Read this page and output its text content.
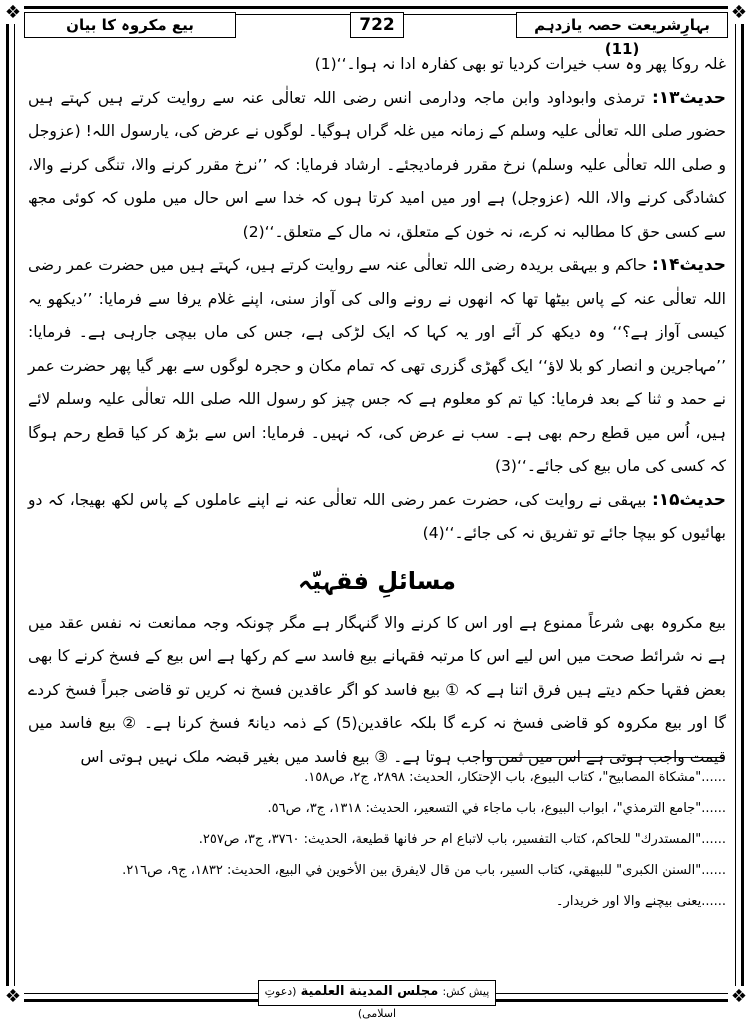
❖	❖
❖	❖
بہارِشریعت حصہ یازدہم (11)
722
بیع مکروہ کا بیان

غلہ روکا پھر وہ سب خیرات کردیا تو بھی کفارہ ادا نہ ہوا۔‘‘(1)

حدیث۱۳: ترمذی وابوداود وابن ماجہ ودارمی انس رضی اللہ تعالٰی عنہ سے روایت کرتے ہیں کہتے ہیں حضور صلی اللہ تعالٰی علیہ وسلم کے زمانہ میں غلہ گراں ہوگیا۔ لوگوں نے عرض کی، یارسول اللہ! (عزوجل و صلی اللہ تعالٰی علیہ وسلم) نرخ مقرر فرمادیجئے۔ ارشاد فرمایا: کہ ’’نرخ مقرر کرنے والا، تنگی کرنے والا، کشادگی کرنے والا، اللہ (عزوجل) ہے اور میں امید کرتا ہوں کہ خدا سے اس حال میں ملوں کہ کوئی مجھ سے کسی حق کا مطالبہ نہ کرے، نہ خون کے متعلق، نہ مال کے متعلق۔‘‘(2)

حدیث۱۴: حاکم و بیہقی بریدہ رضی اللہ تعالٰی عنہ سے روایت کرتے ہیں، کہتے ہیں میں حضرت عمر رضی اللہ تعالٰی عنہ کے پاس بیٹھا تھا کہ انھوں نے رونے والی کی آواز سنی، اپنے غلام یرفا سے فرمایا: ’’دیکھو یہ کیسی آواز ہے؟‘‘ وہ دیکھ کر آئے اور یہ کہا کہ ایک لڑکی ہے، جس کی ماں بیچی جارہی ہے۔ فرمایا: ’’مہاجرین و انصار کو بلا لاؤ‘‘ ایک گھڑی گزری تھی کہ تمام مکان و حجرہ لوگوں سے بھر گیا پھر حضرت عمر نے حمد و ثنا کے بعد فرمایا: کیا تم کو معلوم ہے کہ جس چیز کو رسول اللہ صلی اللہ تعالٰی علیہ وسلم لائے ہیں، اُس میں قطع رحم بھی ہے۔ سب نے عرض کی، کہ نہیں۔ فرمایا: اس سے بڑھ کر کیا قطع رحم ہوگا کہ کسی کی ماں بیع کی جائے۔‘‘(3)

حدیث۱۵: بیہقی نے روایت کی، حضرت عمر رضی اللہ تعالٰی عنہ نے اپنے عاملوں کے پاس لکھ بھیجا، کہ دو بھائیوں کو بیچا جائے تو تفریق نہ کی جائے۔‘‘(4)

مسائلِ فقہیّہ

بیع مکروہ بھی شرعاً ممنوع ہے اور اس کا کرنے والا گنہگار ہے مگر چونکہ وجہ ممانعت نہ نفس عقد میں ہے نہ شرائط صحت میں اس لیے اس کا مرتبہ فقہانے بیع فاسد سے کم رکھا ہے اس بیع کے فسخ کرنے کا بھی بعض فقہا حکم دیتے ہیں فرق اتنا ہے کہ ① بیع فاسد کو اگر عاقدین فسخ نہ کریں تو قاضی جبراً فسخ کردے گا اور بیع مکروہ کو قاضی فسخ نہ کرے گا بلکہ عاقدین(5) کے ذمہ دیانۃً فسخ کرنا ہے۔ ② بیع فاسد میں قیمت واجب ہوتی ہے اس میں ثمن واجب ہوتا ہے۔ ③ بیع فاسد میں بغیر قبضہ ملک نہیں ہوتی اس

......"مشكاة المصابيح"، كتاب البيوع، باب الإحتكار، الحديث: ٢٨٩٨، ج٢، ص١٥٨.
......"جامع الترمذي"، ابواب البيوع، باب ماجاء في التسعير، الحديث: ١٣١٨، ج٣، ص٥٦.
......"المستدرك" للحاكم، كتاب التفسير، باب لاتباع ام حر فانها قطيعة، الحديث: ٣٧٦٠، ج٣، ص٢٥٧.
......"السنن الكبرى" للبيهقي، كتاب السير، باب من قال لايفرق بين الأخوين في البيع، الحديث: ١٨٣٢، ج٩، ص٢١٦.
......یعنی بیچنے والا اور خریدار۔
پیش کش: مجلس المدينة العلمية (دعوتِ اسلامی)
